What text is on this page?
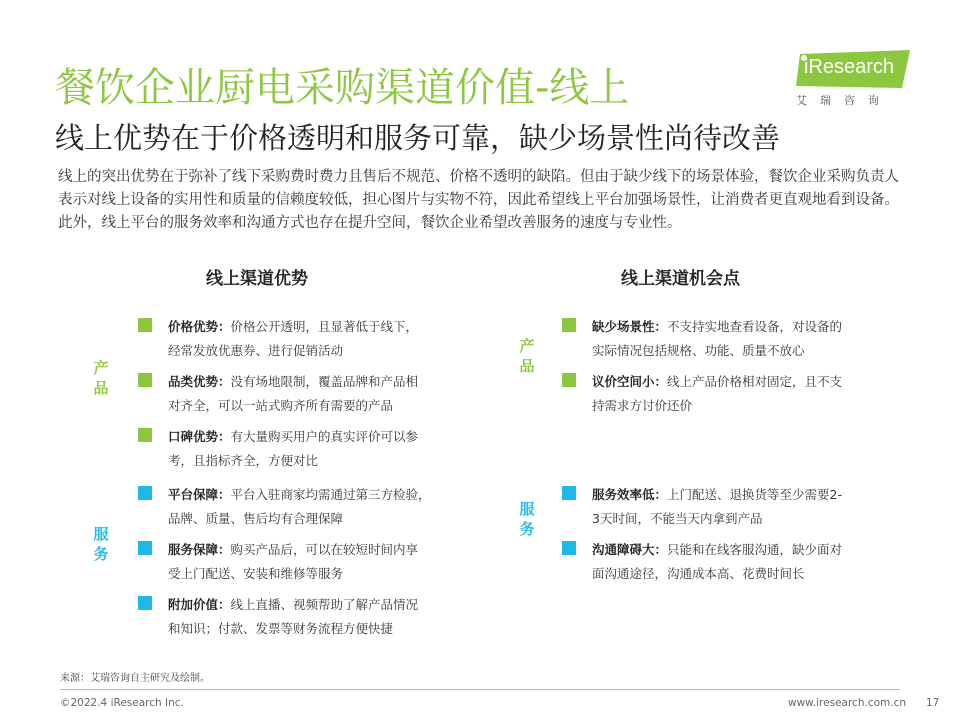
餐饮企业厨电采购渠道价值-线上
线上优势在于价格透明和服务可靠，缺少场景性尚待改善
iResearch
艾瑞咨询
线上的突出优势在于弥补了线下采购费时费力且售后不规范、价格不透明的缺陷。但由于缺少线下的场景体验，餐饮企业采购负责人表示对线上设备的实用性和质量的信赖度较低，担心图片与实物不符，因此希望线上平台加强场景性，让消费者更直观地看到设备。此外，线上平台的服务效率和沟通方式也存在提升空间，餐饮企业希望改善服务的速度与专业性。
线上渠道优势
产品
服务
价格优势：价格公开透明，且显著低于线下，
经常发放优惠券、进行促销活动
品类优势：没有场地限制，覆盖品牌和产品相
对齐全，可以一站式购齐所有需要的产品
口碑优势：有大量购买用户的真实评价可以参
考，且指标齐全，方便对比
平台保障：平台入驻商家均需通过第三方检验，
品牌、质量、售后均有合理保障
服务保障：购买产品后，可以在较短时间内享
受上门配送、安装和维修等服务
附加价值：线上直播、视频帮助了解产品情况
和知识；付款、发票等财务流程方便快捷
线上渠道机会点
产品
服务
缺少场景性：不支持实地查看设备，对设备的
实际情况包括规格、功能、质量不放心
议价空间小：线上产品价格相对固定，且不支
持需求方讨价还价
服务效率低：上门配送、退换货等至少需要2-
3天时间，不能当天内拿到产品
沟通障碍大：只能和在线客服沟通，缺少面对
面沟通途径，沟通成本高、花费时间长
来源：艾瑞咨询自主研究及绘制。
©2022.4 iResearch Inc.	www.iresearch.com.cn 17
